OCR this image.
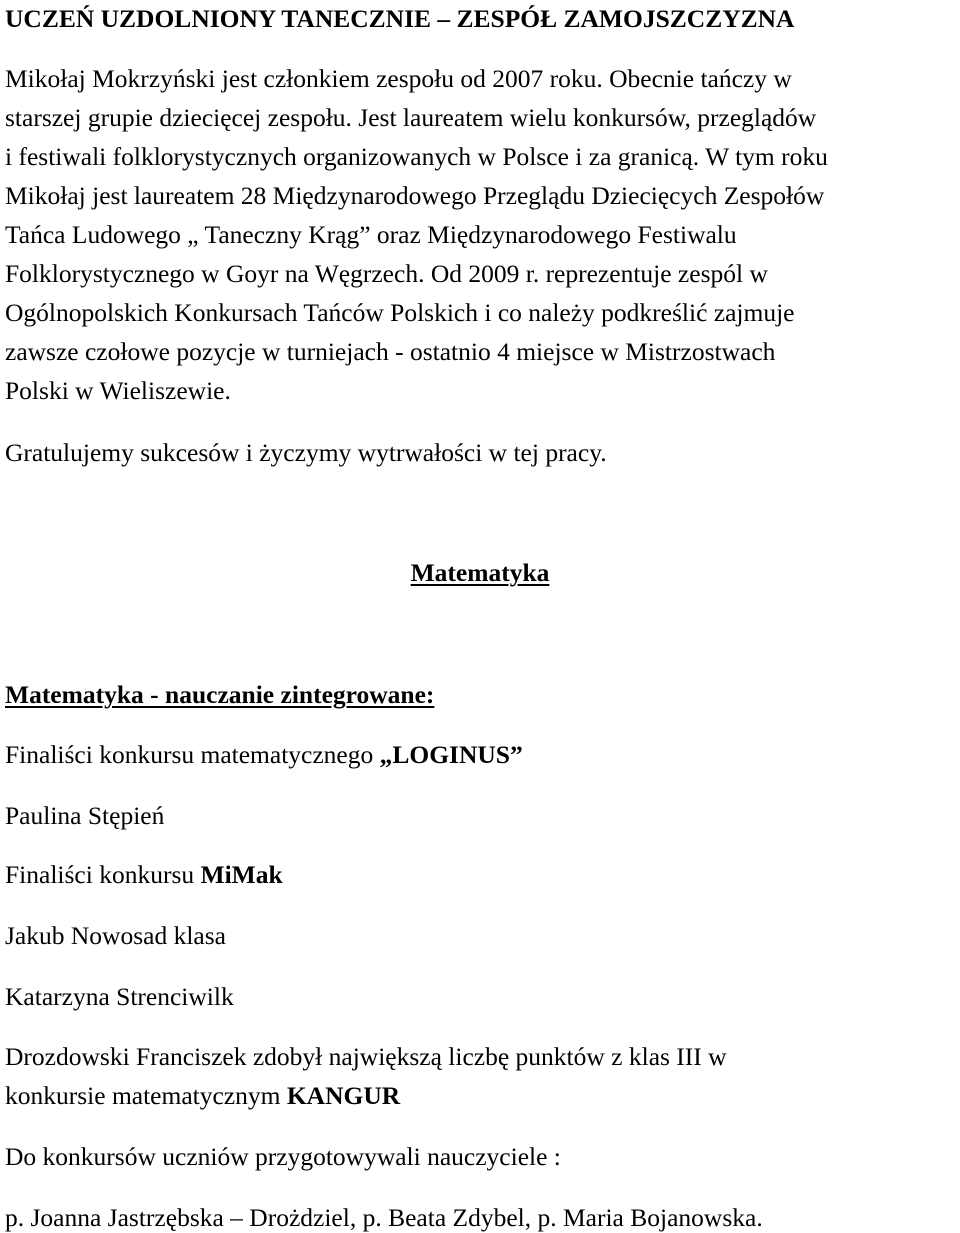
UCZEŃ UZDOLNIONY TANECZNIE – ZESPÓŁ ZAMOJSZCZYZNA
Mikołaj Mokrzyński jest członkiem zespołu od 2007 roku. Obecnie tańczy w
starszej grupie dziecięcej zespołu. Jest laureatem wielu konkursów, przeglądów
i festiwali folklorystycznych organizowanych w Polsce i za granicą. W tym roku
Mikołaj jest laureatem 28 Międzynarodowego Przeglądu Dziecięcych Zespołów
Tańca Ludowego „ Taneczny Krąg” oraz Międzynarodowego Festiwalu
Folklorystycznego w Goyr na Węgrzech. Od 2009 r. reprezentuje zespól w
Ogólnopolskich Konkursach Tańców Polskich i co należy podkreślić zajmuje
zawsze czołowe pozycje w turniejach - ostatnio 4 miejsce w Mistrzostwach
Polski w Wieliszewie.
Gratulujemy sukcesów i życzymy wytrwałości w tej pracy.
Matematyka
Matematyka - nauczanie zintegrowane:
Finaliści konkursu matematycznego „LOGINUS”
Paulina Stępień
Finaliści konkursu MiMak
Jakub Nowosad klasa
Katarzyna Strenciwilk
Drozdowski Franciszek zdobył największą liczbę punktów z klas III w
konkursie matematycznym KANGUR
Do konkursów uczniów przygotowywali nauczyciele :
p. Joanna Jastrzębska – Drożdziel, p. Beata Zdybel, p. Maria Bojanowska.
